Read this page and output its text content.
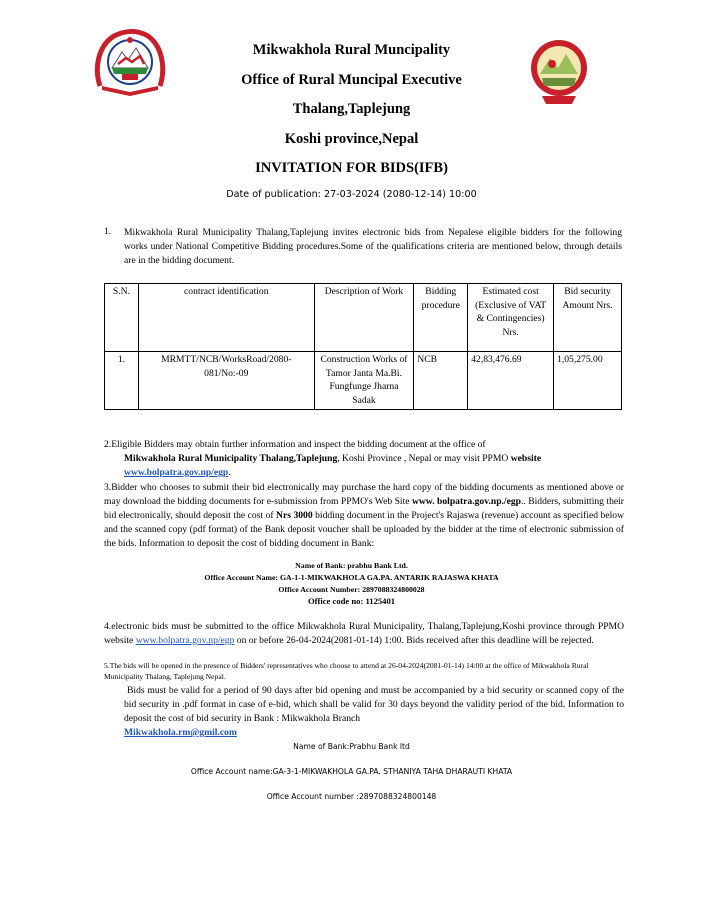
Mikwakhola Rural Muncipality
Office of Rural Muncipal Executive
Thalang,Taplejung
Koshi province,Nepal
INVITATION FOR BIDS(IFB)
Date of publication: 27-03-2024 (2080-12-14) 10:00
1. Mikwakhola Rural Municipality Thalang,Taplejung invites electronic bids from Nepalese eligible bidders for the following works under National Competitive Bidding procedures.Some of the qualifications criteria are mentioned below, through details are in the bidding document.
S.N.	contract identification	Description of Work	Bidding procedure	Estimated cost (Exclusive of VAT & Contingencies) Nrs.	Bid security Amount Nrs.
1.	MRMTT/NCB/WorksRoad/2080-081/No:-09	Construction Works of Tamor Janta Ma.Bi. Fungfunge Jharna Sadak	NCB	42,83,476.69	1,05,275.00
2.Eligible Bidders may obtain further information and inspect the bidding document at the office of
Mikwakhola Rural Municipality Thalang,Taplejung, Koshi Province , Nepal or may visit PPMO website
www.bolpatra.gov.np/egp.
3.Bidder who chooses to submit their bid electronically may purchase the hard copy of the bidding documents as mentioned above or may download the bidding documents for e-submission from PPMO's Web Site www. bolpatra.gov.np./egp.. Bidders, submitting their bid electronically, should deposit the cost of Nrs 3000 bidding document in the Project's Rajaswa (revenue) account as specified below and the scanned copy (pdf format) of the Bank deposit voucher shall be uploaded by the bidder at the time of electronic submission of the bids. Information to deposit the cost of bidding document in Bank:
Name of Bank: prabhu Bank Ltd.
Office Account Name: GA-1-1-MIKWAKHOLA GA.PA. ANTARIK RAJASWA KHATA
Office Account Number: 2897088324800028
Office code no: 1125401
4.electronic bids must be submitted to the office Mikwakhola Rural Municipality, Thalang,Taplejung,Koshi province through PPMO website www.bolpatra.gov.np/egp on or before 26-04-2024(2081-01-14) 1:00. Bids received after this deadline will be rejected.
5.The bids will be opened in the presence of Bidders' representatives who choose to attend at 26-04-2024(2081-01-14) 14:00 at the office of Mikwakhola Rural Municipality Thalang, Taplejung Nepal.
Bids must be valid for a period of 90 days after bid opening and must be accompanied by a bid security or scanned copy of the bid security in .pdf format in case of e-bid, which shall be valid for 30 days beyond the validity period of the bid. Information to deposit the cost of bid security in Bank : Mikwakhola Branch
Mikwakhola.rm@gmil.com
Name of Bank:Prabhu Bank ltd
Office Account name:GA-3-1-MIKWAKHOLA GA.PA. STHANIYA TAHA DHARAUTI KHATA
Office Account number :2897088324800148
